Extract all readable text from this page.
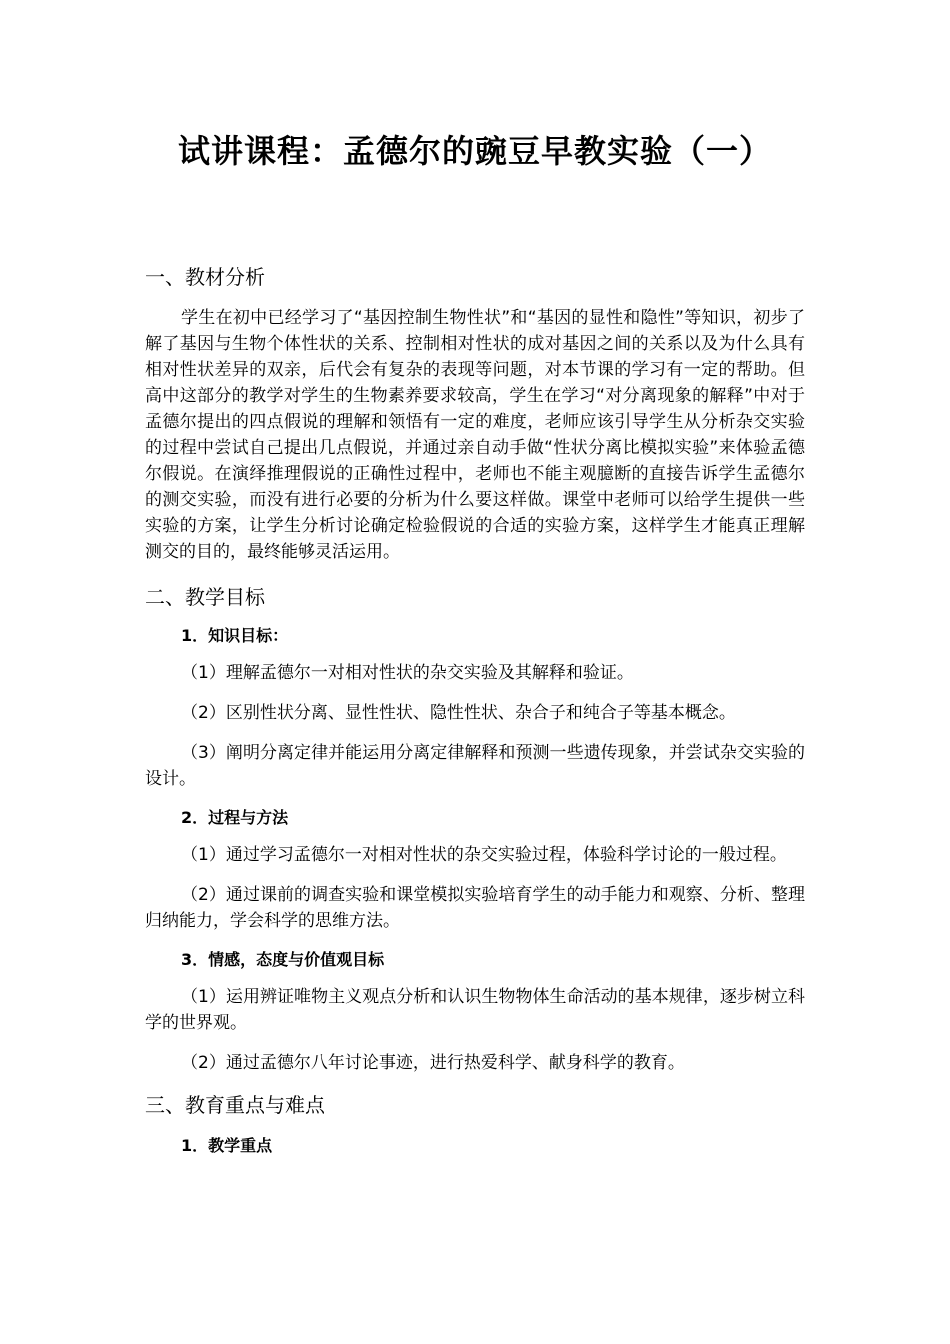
试讲课程：孟德尔的豌豆早教实验（一）
一、教材分析
学生在初中已经学习了“基因控制生物性状”和“基因的显性和隐性”等知识，初步了解了基因与生物个体性状的关系、控制相对性状的成对基因之间的关系以及为什么具有相对性状差异的双亲，后代会有复杂的表现等问题，对本节课的学习有一定的帮助。但高中这部分的教学对学生的生物素养要求较高，学生在学习“对分离现象的解释”中对于孟德尔提出的四点假说的理解和领悟有一定的难度，老师应该引导学生从分析杂交实验的过程中尝试自己提出几点假说，并通过亲自动手做“性状分离比模拟实验”来体验孟德尔假说。在演绎推理假说的正确性过程中，老师也不能主观臆断的直接告诉学生孟德尔的测交实验，而没有进行必要的分析为什么要这样做。课堂中老师可以给学生提供一些实验的方案，让学生分析讨论确定检验假说的合适的实验方案，这样学生才能真正理解测交的目的，最终能够灵活运用。
二、教学目标
1．知识目标：
（1）理解孟德尔一对相对性状的杂交实验及其解释和验证。
（2）区别性状分离、显性性状、隐性性状、杂合子和纯合子等基本概念。
（3）阐明分离定律并能运用分离定律解释和预测一些遗传现象，并尝试杂交实验的设计。
2．过程与方法
（1）通过学习孟德尔一对相对性状的杂交实验过程，体验科学讨论的一般过程。
（2）通过课前的调查实验和课堂模拟实验培育学生的动手能力和观察、分析、整理归纳能力，学会科学的思维方法。
3．情感，态度与价值观目标
（1）运用辨证唯物主义观点分析和认识生物物体生命活动的基本规律，逐步树立科学的世界观。
（2）通过孟德尔八年讨论事迹，进行热爱科学、献身科学的教育。
三、教育重点与难点
1．教学重点
